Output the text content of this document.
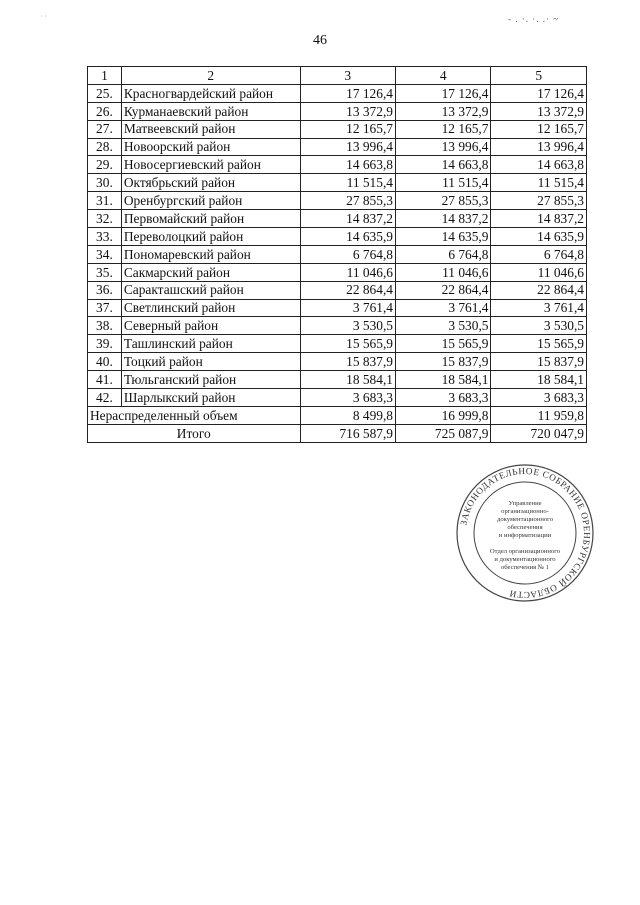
46
- . ·. ·. .· ~
· ·
1	2	3	4	5
25.	Красногвардейский район	17 126,4	17 126,4	17 126,4
26.	Курманаевский район	13 372,9	13 372,9	13 372,9
27.	Матвеевский район	12 165,7	12 165,7	12 165,7
28.	Новоорский район	13 996,4	13 996,4	13 996,4
29.	Новосергиевский район	14 663,8	14 663,8	14 663,8
30.	Октябрьский район	11 515,4	11 515,4	11 515,4
31.	Оренбургский район	27 855,3	27 855,3	27 855,3
32.	Первомайский район	14 837,2	14 837,2	14 837,2
33.	Переволоцкий район	14 635,9	14 635,9	14 635,9
34.	Пономаревский район	6 764,8	6 764,8	6 764,8
35.	Сакмарский район	11 046,6	11 046,6	11 046,6
36.	Саракташский район	22 864,4	22 864,4	22 864,4
37.	Светлинский район	3 761,4	3 761,4	3 761,4
38.	Северный район	3 530,5	3 530,5	3 530,5
39.	Ташлинский район	15 565,9	15 565,9	15 565,9
40.	Тоцкий район	15 837,9	15 837,9	15 837,9
41.	Тюльганский район	18 584,1	18 584,1	18 584,1
42.	Шарлыкский район	3 683,3	3 683,3	3 683,3
Нераспределенный объем		8 499,8	16 999,8	11 959,8
Итого		716 587,9	725 087,9	720 047,9
ЗАКОНОДАТЕЛЬНОЕ СОБРАНИЕ ОРЕНБУРГСКОЙ ОБЛАСТИ
Управление
организационно-
документационного
обеспечения
и информатизации
Отдел организационного
и документационного
обеспечения № 1
